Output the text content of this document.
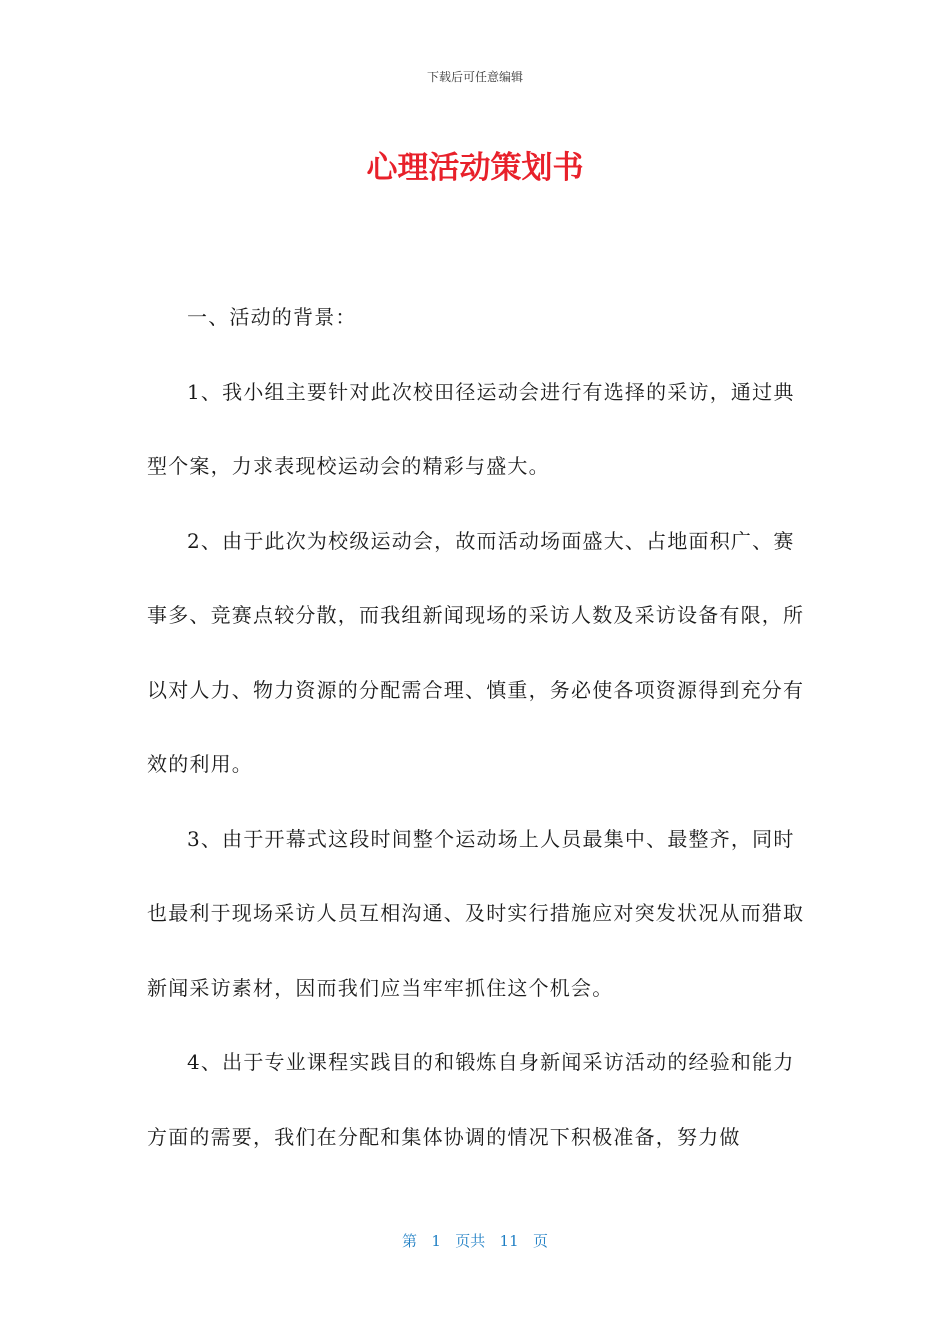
下载后可任意编辑
心理活动策划书

一、活动的背景：

1、我小组主要针对此次校田径运动会进行有选择的采访，通过典型个案，力求表现校运动会的精彩与盛大。

2、由于此次为校级运动会，故而活动场面盛大、占地面积广、赛事多、竞赛点较分散，而我组新闻现场的采访人数及采访设备有限，所以对人力、物力资源的分配需合理、慎重，务必使各项资源得到充分有效的利用。

3、由于开幕式这段时间整个运动场上人员最集中、最整齐，同时也最利于现场采访人员互相沟通、及时实行措施应对突发状况从而猎取新闻采访素材，因而我们应当牢牢抓住这个机会。

4、出于专业课程实践目的和锻炼自身新闻采访活动的经验和能力方面的需要，我们在分配和集体协调的情况下积极准备，努力做

第 1 页共 11 页
